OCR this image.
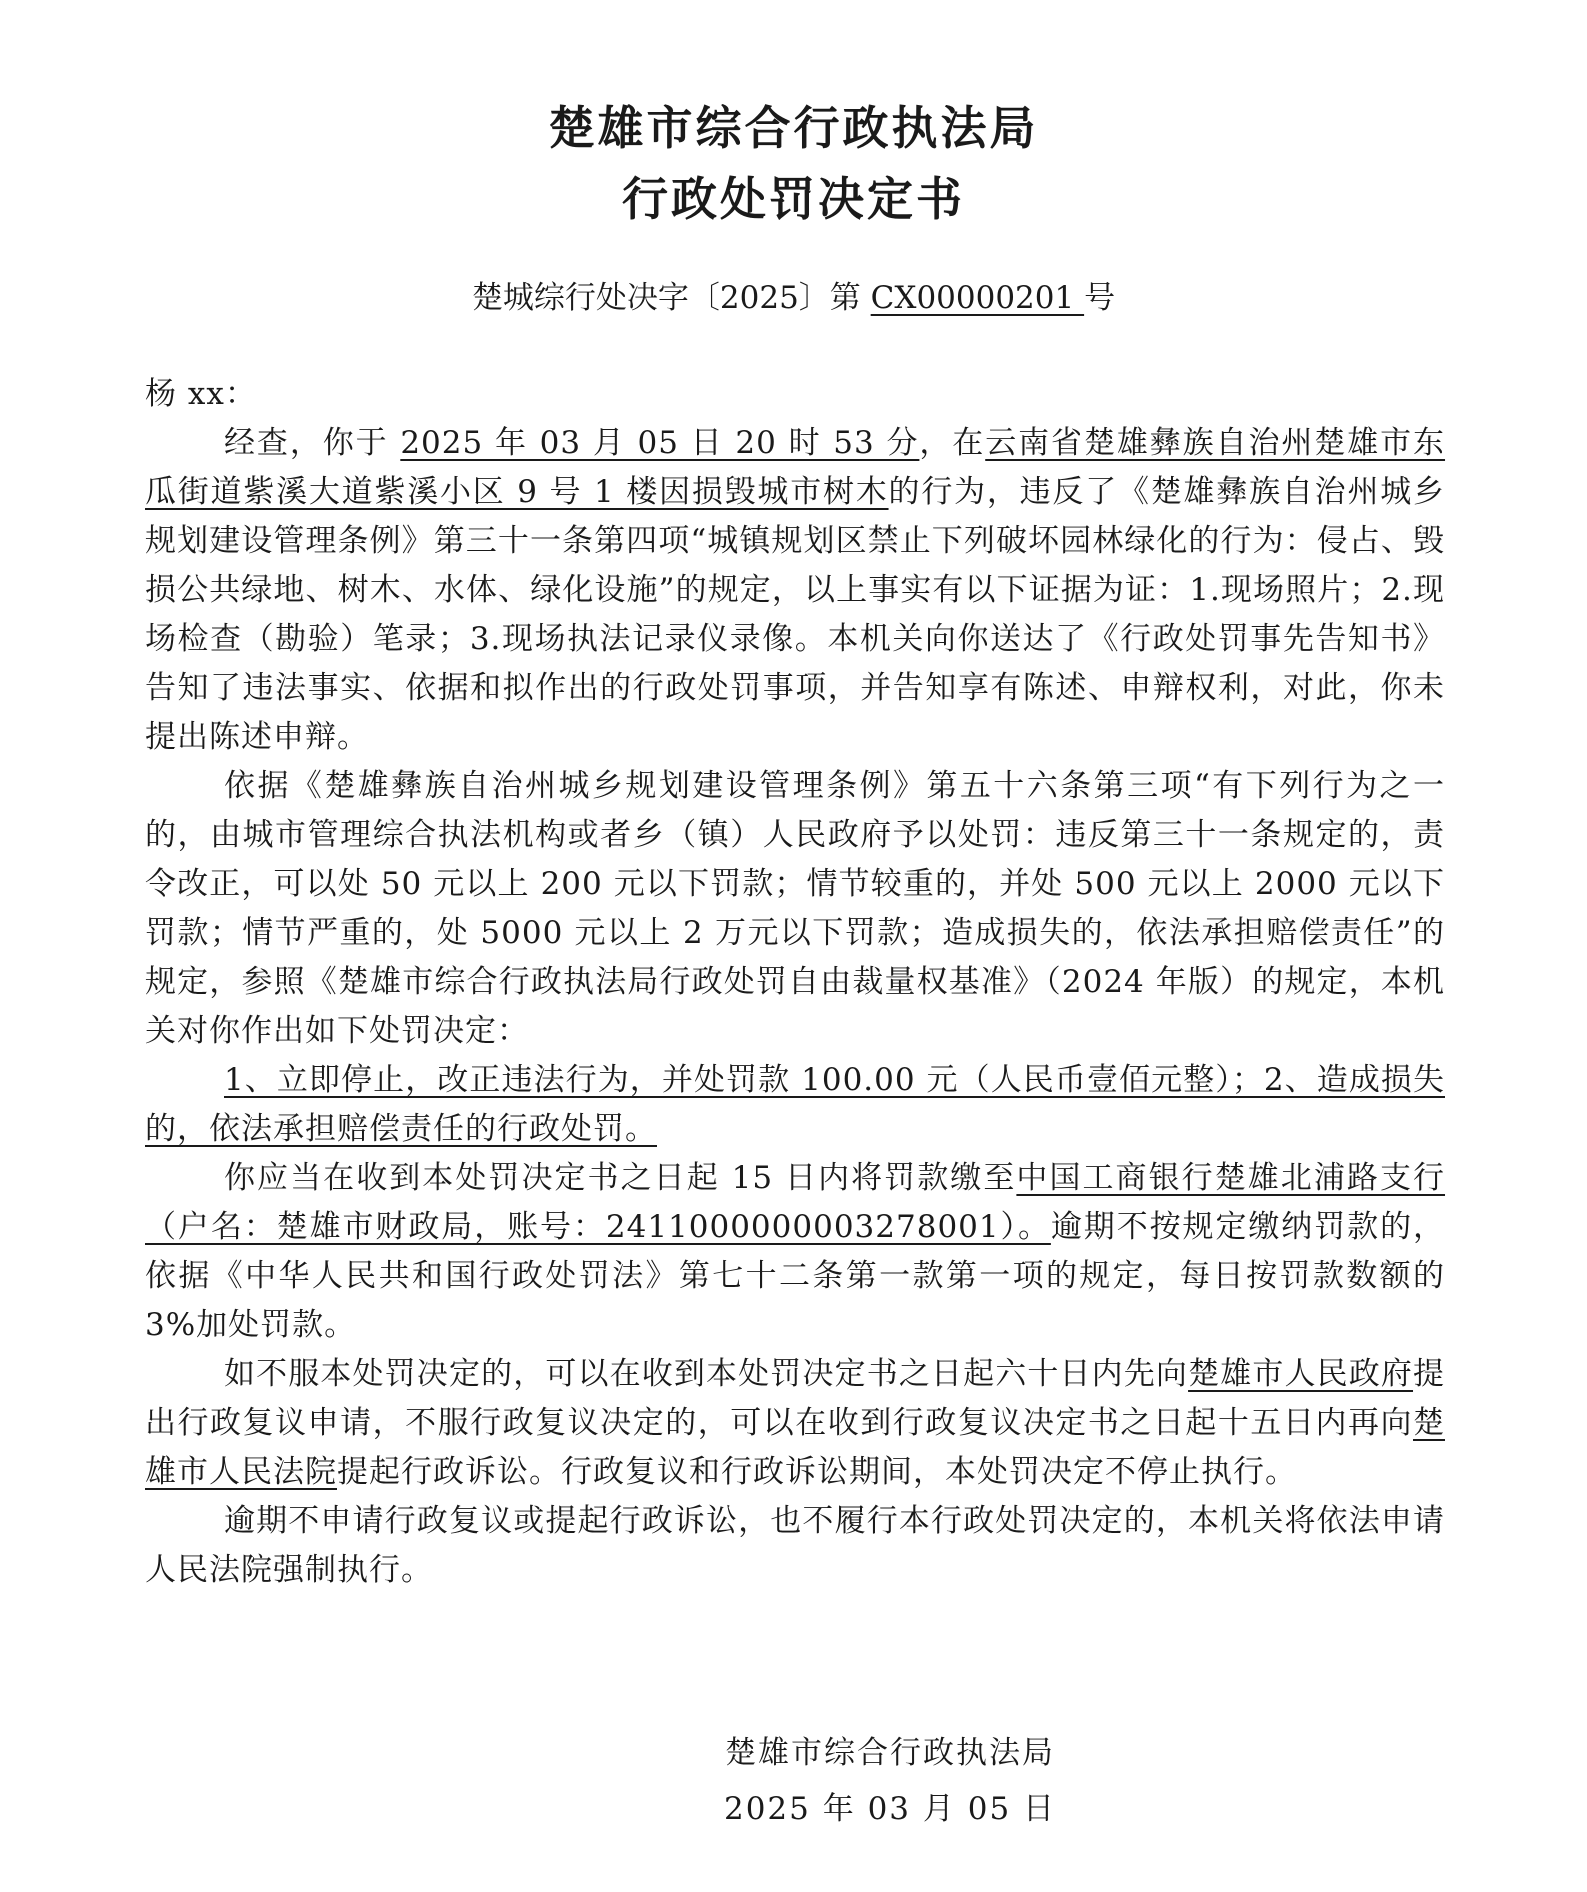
楚雄市综合行政执法局
行政处罚决定书
楚城综行处决字〔2025〕第 CX00000201 号

杨 xx：

经查，你于 2025 年 03 月 05 日 20 时 53 分，在云南省楚雄彝族自治州楚雄市东瓜街道紫溪大道紫溪小区 9 号 1 楼因损毁城市树木的行为，违反了《楚雄彝族自治州城乡规划建设管理条例》第三十一条第四项“城镇规划区禁止下列破坏园林绿化的行为：侵占、毁损公共绿地、树木、水体、绿化设施”的规定，以上事实有以下证据为证：1.现场照片；2.现场检查（勘验）笔录；3.现场执法记录仪录像。本机关向你送达了《行政处罚事先告知书》告知了违法事实、依据和拟作出的行政处罚事项，并告知享有陈述、申辩权利，对此，你未提出陈述申辩。

依据《楚雄彝族自治州城乡规划建设管理条例》第五十六条第三项“有下列行为之一的，由城市管理综合执法机构或者乡（镇）人民政府予以处罚：违反第三十一条规定的，责令改正，可以处 50 元以上 200 元以下罚款；情节较重的，并处 500 元以上 2000 元以下罚款；情节严重的，处 5000 元以上 2 万元以下罚款；造成损失的，依法承担赔偿责任”的规定，参照《楚雄市综合行政执法局行政处罚自由裁量权基准》（2024 年版）的规定，本机关对你作出如下处罚决定：

1、立即停止，改正违法行为，并处罚款 100.00 元（人民币壹佰元整）；2、造成损失的，依法承担赔偿责任的行政处罚。

你应当在收到本处罚决定书之日起 15 日内将罚款缴至中国工商银行楚雄北浦路支行（户名：楚雄市财政局，账号：2411000000003278001）。逾期不按规定缴纳罚款的，依据《中华人民共和国行政处罚法》第七十二条第一款第一项的规定，每日按罚款数额的 3%加处罚款。

如不服本处罚决定的，可以在收到本处罚决定书之日起六十日内先向楚雄市人民政府提出行政复议申请，不服行政复议决定的，可以在收到行政复议决定书之日起十五日内再向楚雄市人民法院提起行政诉讼。行政复议和行政诉讼期间，本处罚决定不停止执行。

逾期不申请行政复议或提起行政诉讼，也不履行本行政处罚决定的，本机关将依法申请人民法院强制执行。

楚雄市综合行政执法局
2025 年 03 月 05 日
